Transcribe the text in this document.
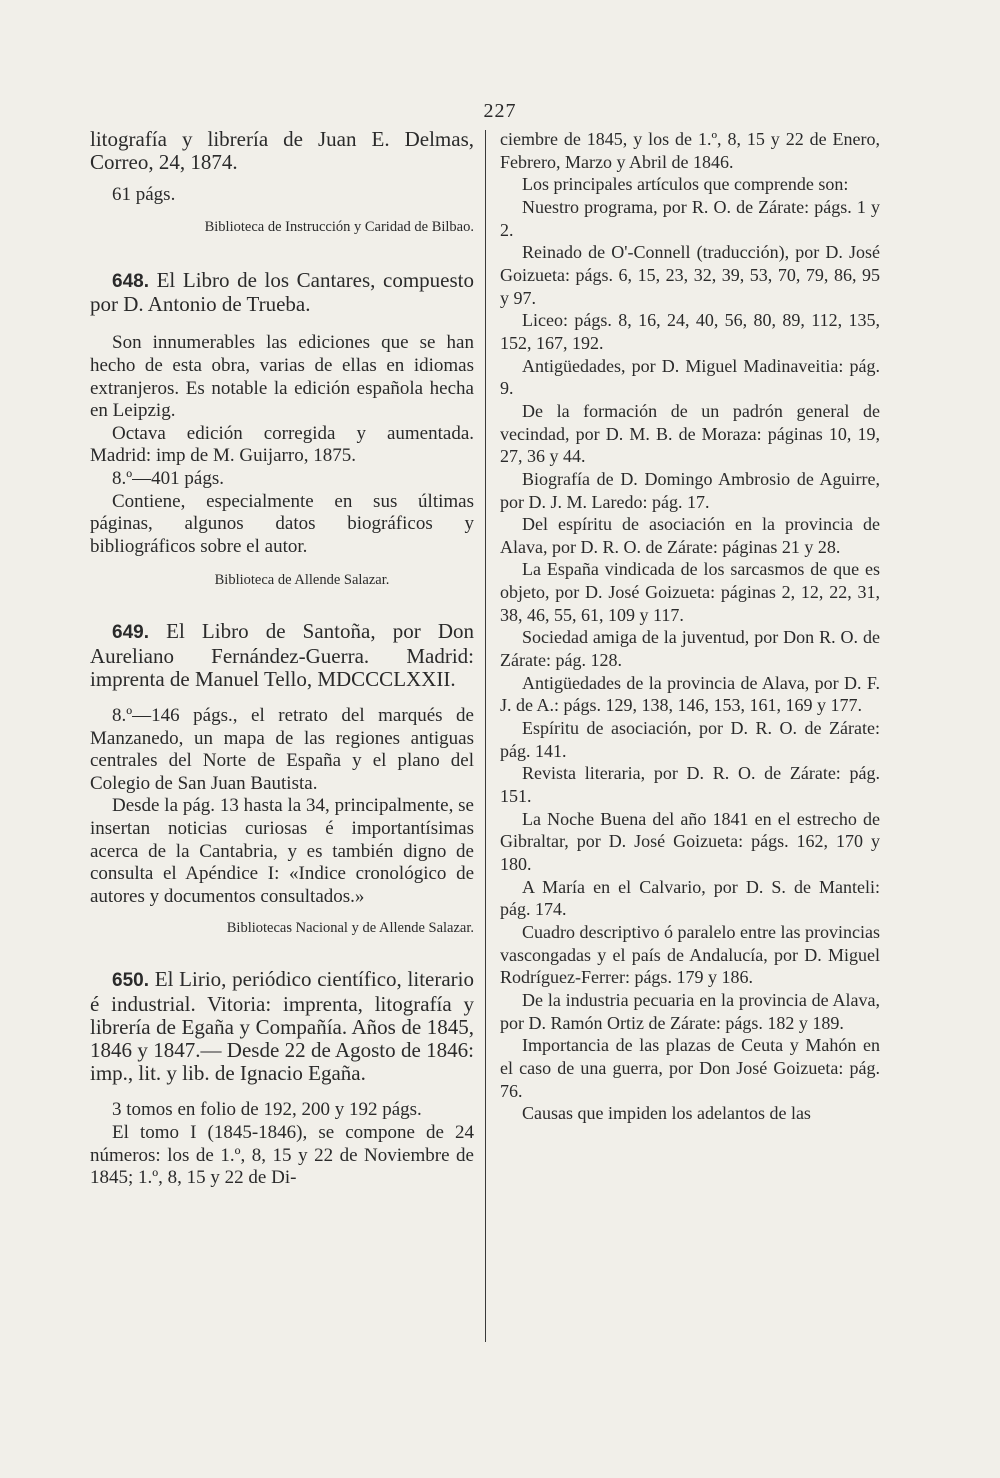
227

litografía y librería de Juan E. Delmas, Correo, 24, 1874.

61 págs.

Biblioteca de Instrucción y Caridad de Bilbao.

648. El Libro de los Cantares, compuesto por D. Antonio de Trueba.

Son innumerables las ediciones que se han hecho de esta obra, varias de ellas en idiomas extranjeros. Es notable la edición española hecha en Leipzig.

Octava edición corregida y aumentada. Madrid: imp de M. Guijarro, 1875.

8.º—401 págs.

Contiene, especialmente en sus últimas páginas, algunos datos biográficos y bibliográficos sobre el autor.

Biblioteca de Allende Salazar.

649. El Libro de Santoña, por Don Aureliano Fernández-Guerra. Madrid: imprenta de Manuel Tello, MDCCCLXXII.

8.º—146 págs., el retrato del marqués de Manzanedo, un mapa de las regiones antiguas centrales del Norte de España y el plano del Colegio de San Juan Bautista.

Desde la pág. 13 hasta la 34, principalmente, se insertan noticias curiosas é importantísimas acerca de la Cantabria, y es también digno de consulta el Apéndice I: «Indice cronológico de autores y documentos consultados.»

Bibliotecas Nacional y de Allende Salazar.

650. El Lirio, periódico científico, literario é industrial. Vitoria: imprenta, litografía y librería de Egaña y Compañía. Años de 1845, 1846 y 1847.— Desde 22 de Agosto de 1846: imp., lit. y lib. de Ignacio Egaña.

3 tomos en folio de 192, 200 y 192 págs.

El tomo I (1845-1846), se compone de 24 números: los de 1.º, 8, 15 y 22 de Noviembre de 1845; 1.º, 8, 15 y 22 de Di-

ciembre de 1845, y los de 1.º, 8, 15 y 22 de Enero, Febrero, Marzo y Abril de 1846.

Los principales artículos que comprende son:

Nuestro programa, por R. O. de Zárate: págs. 1 y 2.

Reinado de O'-Connell (traducción), por D. José Goizueta: págs. 6, 15, 23, 32, 39, 53, 70, 79, 86, 95 y 97.

Liceo: págs. 8, 16, 24, 40, 56, 80, 89, 112, 135, 152, 167, 192.

Antigüedades, por D. Miguel Madinaveitia: pág. 9.

De la formación de un padrón general de vecindad, por D. M. B. de Moraza: páginas 10, 19, 27, 36 y 44.

Biografía de D. Domingo Ambrosio de Aguirre, por D. J. M. Laredo: pág. 17.

Del espíritu de asociación en la provincia de Alava, por D. R. O. de Zárate: páginas 21 y 28.

La España vindicada de los sarcasmos de que es objeto, por D. José Goizueta: páginas 2, 12, 22, 31, 38, 46, 55, 61, 109 y 117.

Sociedad amiga de la juventud, por Don R. O. de Zárate: pág. 128.

Antigüedades de la provincia de Alava, por D. F. J. de A.: págs. 129, 138, 146, 153, 161, 169 y 177.

Espíritu de asociación, por D. R. O. de Zárate: pág. 141.

Revista literaria, por D. R. O. de Zárate: pág. 151.

La Noche Buena del año 1841 en el estrecho de Gibraltar, por D. José Goizueta: págs. 162, 170 y 180.

A María en el Calvario, por D. S. de Manteli: pág. 174.

Cuadro descriptivo ó paralelo entre las provincias vascongadas y el país de Andalucía, por D. Miguel Rodríguez-Ferrer: págs. 179 y 186.

De la industria pecuaria en la provincia de Alava, por D. Ramón Ortiz de Zárate: págs. 182 y 189.

Importancia de las plazas de Ceuta y Mahón en el caso de una guerra, por Don José Goizueta: pág. 76.

Causas que impiden los adelantos de las
